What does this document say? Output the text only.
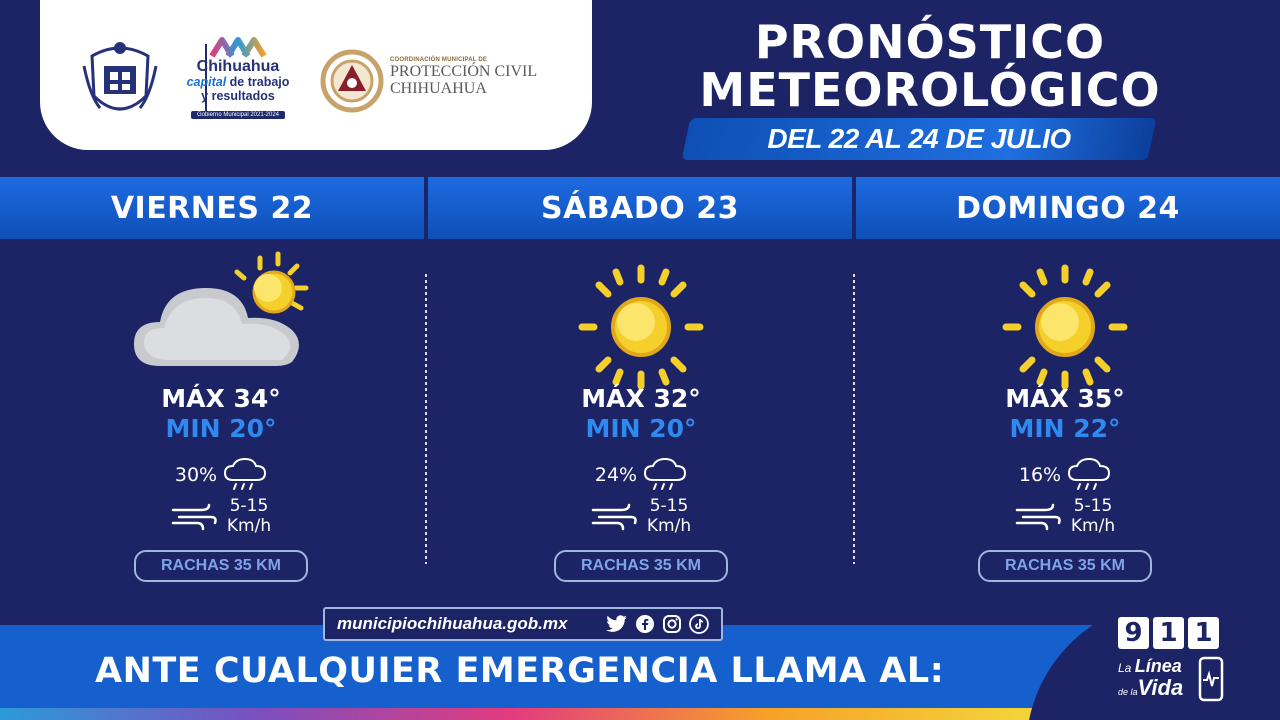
Chihuahua
capital de trabajo
y resultados
Gobierno Municipal 2021-2024
COORDINACIÓN MUNICIPAL DE
PROTECCIÓN CIVIL
CHIHUAHUA
PRONÓSTICO
METEOROLÓGICO
DEL 22 AL 24 DE JULIO
VIERNES 22	SÁBADO 23	DOMINGO 24
MÁX 34°
MIN 20°
30%
5-15
Km/h
RACHAS 35 KM
MÁX 32°
MIN 20°
24%
5-15
Km/h
RACHAS 35 KM
MÁX 35°
MIN 22°
16%
5-15
Km/h
RACHAS 35 KM
municipiochihuahua.gob.mx
ANTE CUALQUIER EMERGENCIA LLAMA AL:
9 1 1
La Línea
de laVida
